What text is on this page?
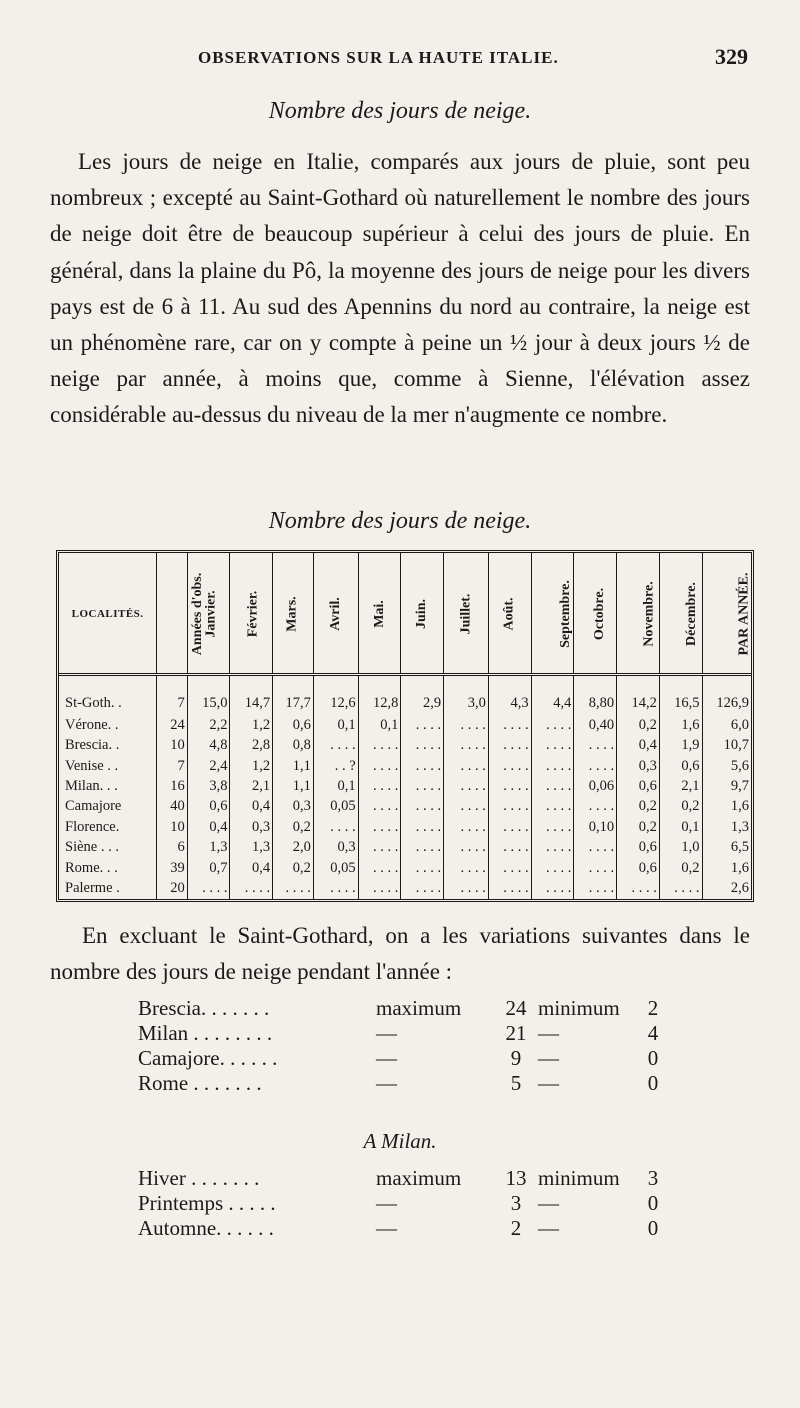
OBSERVATIONS SUR LA HAUTE ITALIE.	329
Nombre des jours de neige.

Les jours de neige en Italie, comparés aux jours de pluie, sont peu nombreux ; excepté au Saint-Gothard où naturellement le nombre des jours de neige doit être de beaucoup supérieur à celui des jours de pluie. En général, dans la plaine du Pô, la moyenne des jours de neige pour les divers pays est de 6 à 11. Au sud des Apennins du nord au contraire, la neige est un phénomène rare, car on y compte à peine un ½ jour à deux jours ½ de neige par année, à moins que, comme à Sienne, l'élévation assez considérable au-dessus du niveau de la mer n'augmente ce nombre.

Nombre des jours de neige.
LOCALITÉS.	Années d'obs.	Janvier.	Février.	Mars.	Avril.	Mai.	Juin.	Juillet.	Août.	Septembre.	Octobre.	Novembre.	Décembre.	PAR ANNÉE.
St-Goth. .	7	15,0	14,7	17,7	12,6	12,8	2,9	3,0	4,3	4,4	8,80	14,2	16,5	126,9
Vérone. .	24	2,2	1,2	0,6	0,1	0,1	. . . .	. . . .	. . . .	. . . .	0,40	0,2	1,6	6,0
Brescia. .	10	4,8	2,8	0,8	. . . .	. . . .	. . . .	. . . .	. . . .	. . . .	. . . .	0,4	1,9	10,7
Venise . .	7	2,4	1,2	1,1	. . ?	. . . .	. . . .	. . . .	. . . .	. . . .	. . . .	0,3	0,6	5,6
Milan. . .	16	3,8	2,1	1,1	0,1	. . . .	. . . .	. . . .	. . . .	. . . .	0,06	0,6	2,1	9,7
Camajore	40	0,6	0,4	0,3	0,05	. . . .	. . . .	. . . .	. . . .	. . . .	. . . .	0,2	0,2	1,6
Florence.	10	0,4	0,3	0,2	. . . .	. . . .	. . . .	. . . .	. . . .	. . . .	0,10	0,2	0,1	1,3
Siène . . .	6	1,3	1,3	2,0	0,3	. . . .	. . . .	. . . .	. . . .	. . . .	. . . .	0,6	1,0	6,5
Rome. . .	39	0,7	0,4	0,2	0,05	. . . .	. . . .	. . . .	. . . .	. . . .	. . . .	0,6	0,2	1,6
Palerme .	20	. . . .	. . . .	. . . .	. . . .	. . . .	. . . .	. . . .	. . . .	. . . .	. . . .	. . . .	. . . .	2,6

En excluant le Saint-Gothard, on a les variations suivantes dans le nombre des jours de neige pendant l'année :

Brescia. . . . . . .	maximum	24 minimum	2
Milan . . . . . . . .	—	21 —	4
Camajore. . . . . .	—	9 —	0
Rome . . . . . . .	—	5 —	0
A Milan.
Hiver . . . . . . .	maximum	13 minimum	3
Printemps . . . . .	—	3 —	0
Automne. . . . . .	—	2 —	0
